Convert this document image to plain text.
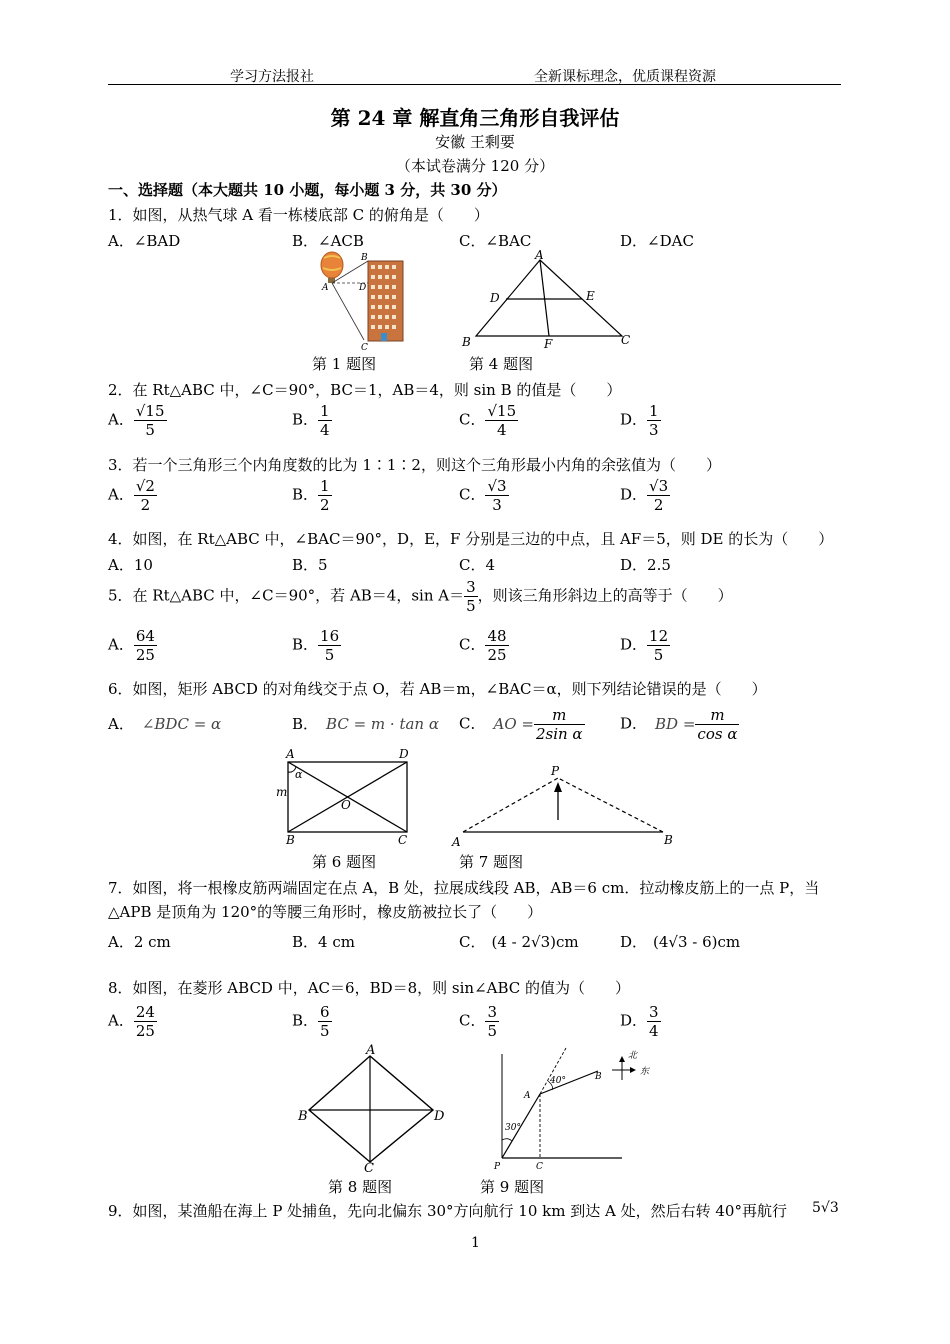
学习方法报社	全新课标理念，优质课程资源
第 24 章 解直角三角形自我评估
安徽 王剩要
（本试卷满分 120 分）
一、选择题（本大题共 10 小题，每小题 3 分，共 30 分）
1．如图，从热气球 A 看一栋楼底部 C 的俯角是（　　）
A．∠BAD	B．∠ACB	C．∠BAC	D．∠DAC
B
A	D
C
A
D	E
B	F	C
第 1 题图	第 4 题图
2．在 Rt△ABC 中，∠C＝90°，BC＝1，AB＝4，则 sin B 的值是（　　）
A． $\frac{√15}{5}$	B． $\frac{1}{4}$	C． $\frac{√15}{4}$	D． $\frac{1}{3}$
3．若一个三角形三个内角度数的比为 1∶1∶2，则这个三角形最小内角的余弦值为（　　）
A． $\frac{√2}{2}$	B． $\frac{1}{2}$	C． $\frac{√3}{3}$	D． $\frac{√3}{2}$
4．如图，在 Rt△ABC 中，∠BAC＝90°，D，E，F 分别是三边的中点，且 AF＝5，则 DE 的长为（　　）
A．10	B．5	C．4	D．2.5
5．在 Rt△ABC 中，∠C＝90°，若 AB＝4，$\sin A= \frac{3}{5}$ ，则该三角形斜边上的高等于（　　）
A． $\frac{64}{25}$	B． $\frac{16}{5}$	C． $\frac{48}{25}$	D． $\frac{12}{5}$
6．如图，矩形 ABCD 的对角线交于点 O，若 AB＝m，∠BAC＝α，则下列结论错误的是（　　）
A． ∠BDC = α	B． BC = m · tan α C． AO = $\frac{m}{\text{2sin α}}$ D． BD = $\frac{m}{\text{cos α}}$
A	D
B	C
O
m
α	P
A	B
第 6 题图	第 7 题图
7．如图，将一根橡皮筋两端固定在点 A，B 处，拉展成线段 AB，AB＝6 cm．拉动橡皮筋上的一点 P，当
△APB 是顶角为 120°的等腰三角形时，橡皮筋被拉长了（　　）
A．2 cm	B．4 cm	C． (4 - 2√3)cm	D． (4√3 - 6)cm
8．如图，在菱形 ABCD 中，AC＝6，BD＝8，则 sin∠ABC 的值为（　　）
A． $\frac{24}{25}$	B． $\frac{6}{5}$	C． $\frac{3}{5}$	D． $\frac{3}{4}$
A
B	D
C
30°
40°
A
B
P	C
北
东
第 8 题图	第 9 题图
9．如图，某渔船在海上 P 处捕鱼，先向北偏东 30°方向航行 10 km 到达 A 处，然后右转 40°再航行 5√3
1
